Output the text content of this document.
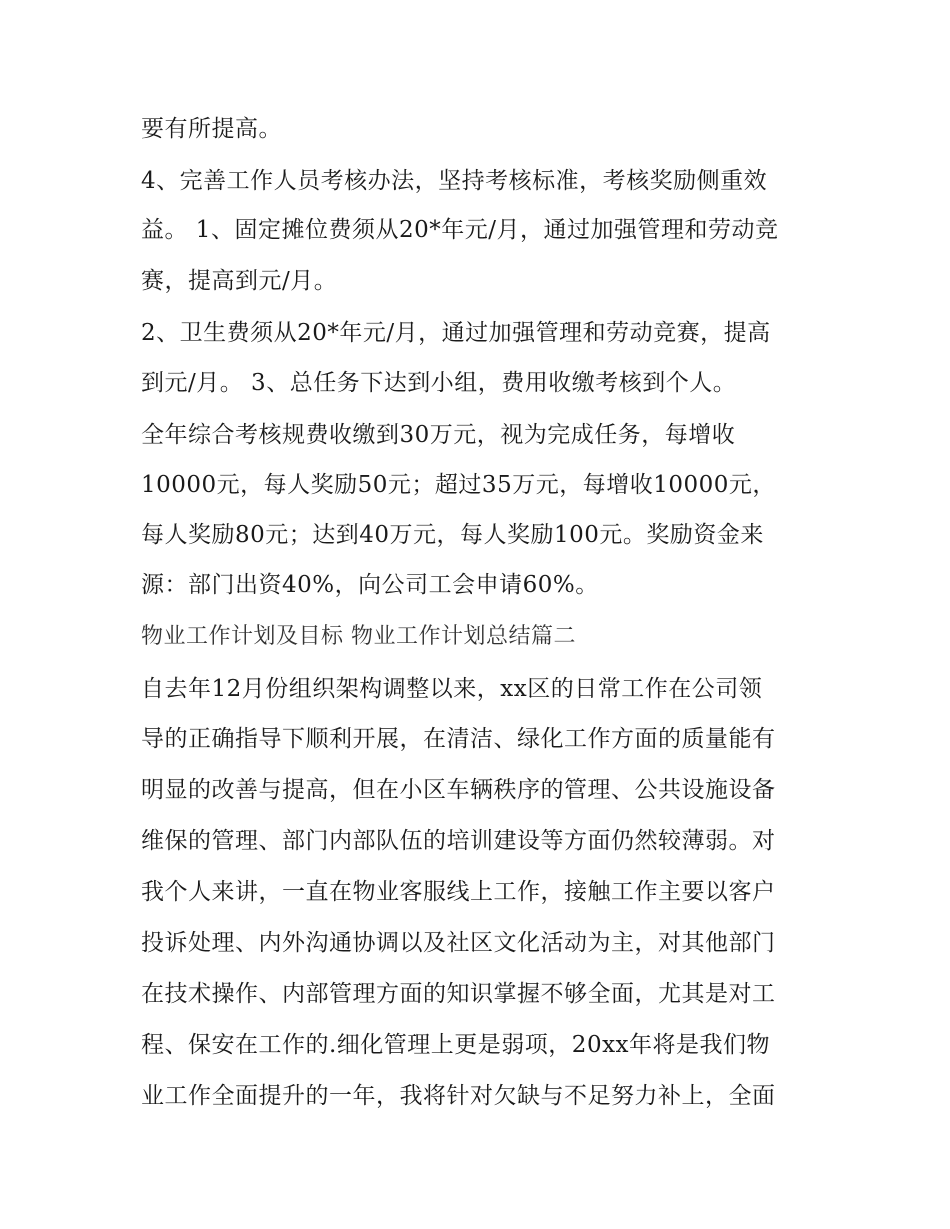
要有所提高。
4、完善工作人员考核办法，坚持考核标准，考核奖励侧重效
益。 1、固定摊位费须从20*年元/月，通过加强管理和劳动竞
赛，提高到元/月。
2、卫生费须从20*年元/月，通过加强管理和劳动竞赛，提高
到元/月。 3、总任务下达到小组，费用收缴考核到个人。
全年综合考核规费收缴到30万元，视为完成任务，每增收
10000元，每人奖励50元；超过35万元，每增收10000元，
每人奖励80元；达到40万元，每人奖励100元。奖励资金来
源：部门出资40%，向公司工会申请60%。
物业工作计划及目标 物业工作计划总结篇二
自去年12月份组织架构调整以来，xx区的日常工作在公司领
导的正确指导下顺利开展，在清洁、绿化工作方面的质量能有
明显的改善与提高，但在小区车辆秩序的管理、公共设施设备
维保的管理、部门内部队伍的培训建设等方面仍然较薄弱。对
我个人来讲，一直在物业客服线上工作，接触工作主要以客户
投诉处理、内外沟通协调以及社区文化活动为主，对其他部门
在技术操作、内部管理方面的知识掌握不够全面，尤其是对工
程、保安在工作的.细化管理上更是弱项，20xx年将是我们物
业工作全面提升的一年，我将针对欠缺与不足努力补上，全面
